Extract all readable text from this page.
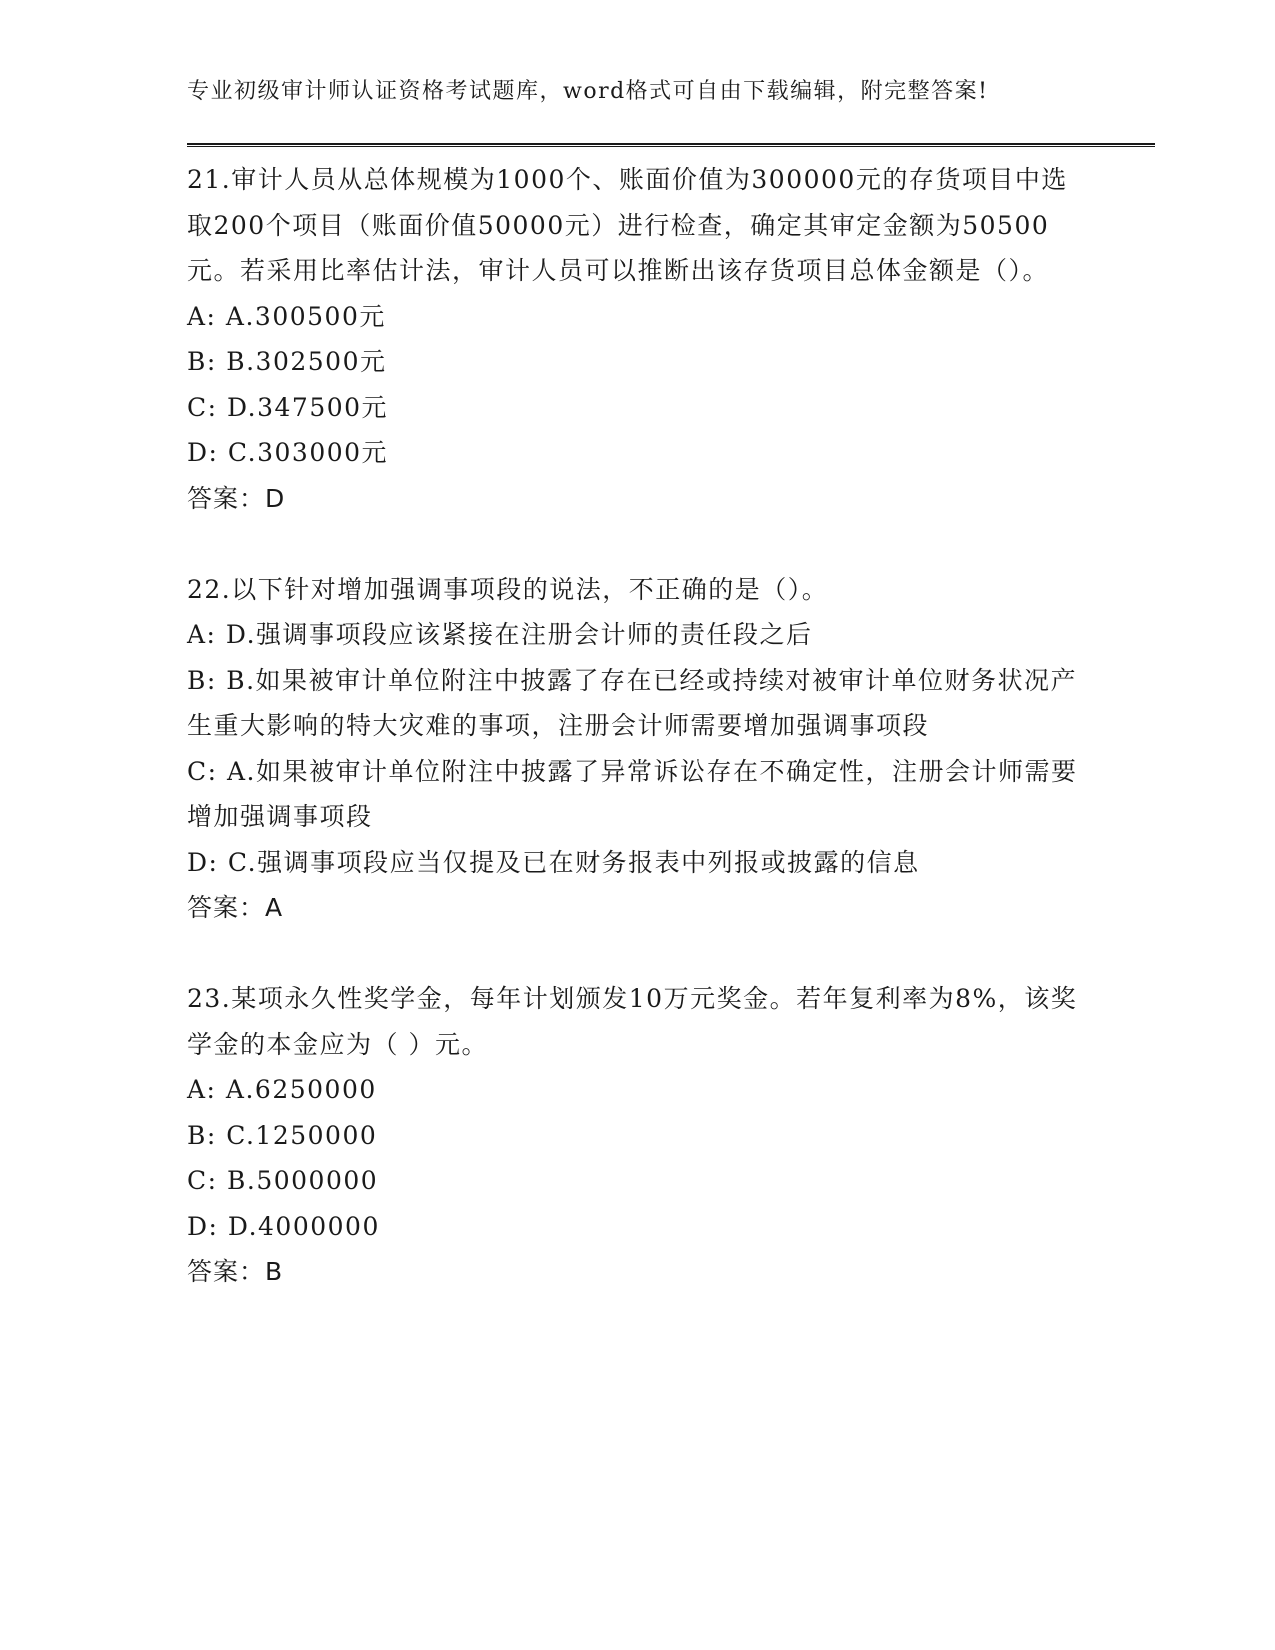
专业初级审计师认证资格考试题库，word格式可自由下载编辑，附完整答案!

21.审计人员从总体规模为1000个、账面价值为300000元的存货项目中选取200个项目（账面价值50000元）进行检查，确定其审定金额为50500元。若采用比率估计法，审计人员可以推断出该存货项目总体金额是（）。

A: A.300500元

B: B.302500元

C: D.347500元

D: C.303000元

答案：D

22.以下针对增加强调事项段的说法，不正确的是（）。

A: D.强调事项段应该紧接在注册会计师的责任段之后

B: B.如果被审计单位附注中披露了存在已经或持续对被审计单位财务状况产生重大影响的特大灾难的事项，注册会计师需要增加强调事项段

C: A.如果被审计单位附注中披露了异常诉讼存在不确定性，注册会计师需要增加强调事项段

D: C.强调事项段应当仅提及已在财务报表中列报或披露的信息

答案：A

23.某项永久性奖学金，每年计划颁发10万元奖金。若年复利率为8%，该奖学金的本金应为（ ）元。

A: A.6250000

B: C.1250000

C: B.5000000

D: D.4000000

答案：B
